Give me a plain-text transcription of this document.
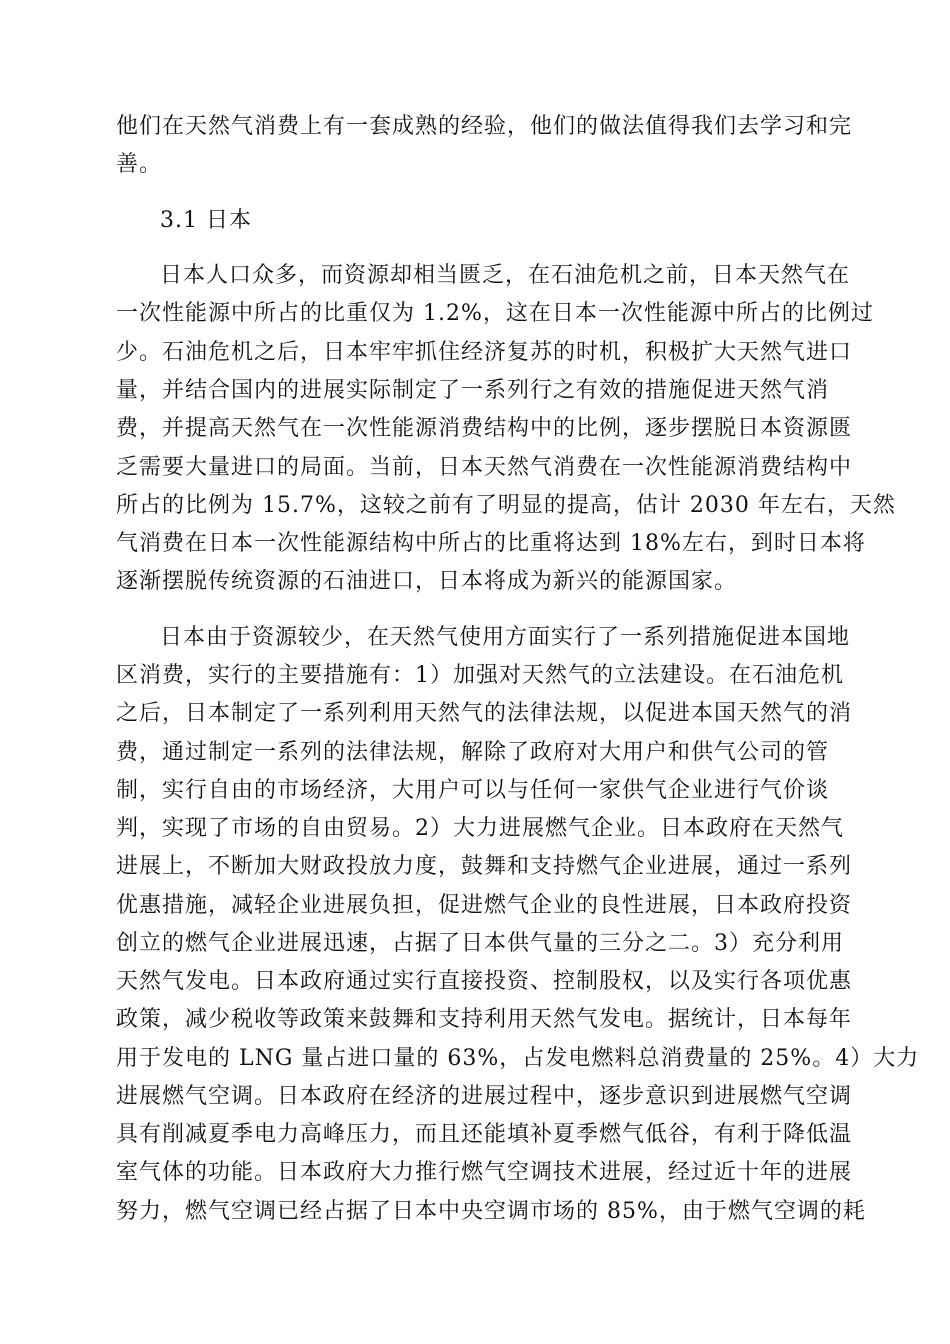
他们在天然气消费上有一套成熟的经验，他们的做法值得我们去学习和完
善。
3.1 日本
日本人口众多，而资源却相当匮乏，在石油危机之前，日本天然气在
一次性能源中所占的比重仅为 1.2%，这在日本一次性能源中所占的比例过
少。石油危机之后，日本牢牢抓住经济复苏的时机，积极扩大天然气进口
量，并结合国内的进展实际制定了一系列行之有效的措施促进天然气消
费，并提高天然气在一次性能源消费结构中的比例，逐步摆脱日本资源匮
乏需要大量进口的局面。当前，日本天然气消费在一次性能源消费结构中
所占的比例为 15.7%，这较之前有了明显的提高，估计 2030 年左右，天然
气消费在日本一次性能源结构中所占的比重将达到 18%左右，到时日本将
逐渐摆脱传统资源的石油进口，日本将成为新兴的能源国家。
日本由于资源较少，在天然气使用方面实行了一系列措施促进本国地
区消费，实行的主要措施有：1）加强对天然气的立法建设。在石油危机
之后，日本制定了一系列利用天然气的法律法规，以促进本国天然气的消
费，通过制定一系列的法律法规，解除了政府对大用户和供气公司的管
制，实行自由的市场经济，大用户可以与任何一家供气企业进行气价谈
判，实现了市场的自由贸易。2）大力进展燃气企业。日本政府在天然气
进展上，不断加大财政投放力度，鼓舞和支持燃气企业进展，通过一系列
优惠措施，减轻企业进展负担，促进燃气企业的良性进展，日本政府投资
创立的燃气企业进展迅速，占据了日本供气量的三分之二。3）充分利用
天然气发电。日本政府通过实行直接投资、控制股权，以及实行各项优惠
政策，减少税收等政策来鼓舞和支持利用天然气发电。据统计，日本每年
用于发电的 LNG 量占进口量的 63%，占发电燃料总消费量的 25%。4）大力
进展燃气空调。日本政府在经济的进展过程中，逐步意识到进展燃气空调
具有削减夏季电力高峰压力，而且还能填补夏季燃气低谷，有利于降低温
室气体的功能。日本政府大力推行燃气空调技术进展，经过近十年的进展
努力，燃气空调已经占据了日本中央空调市场的 85%，由于燃气空调的耗
